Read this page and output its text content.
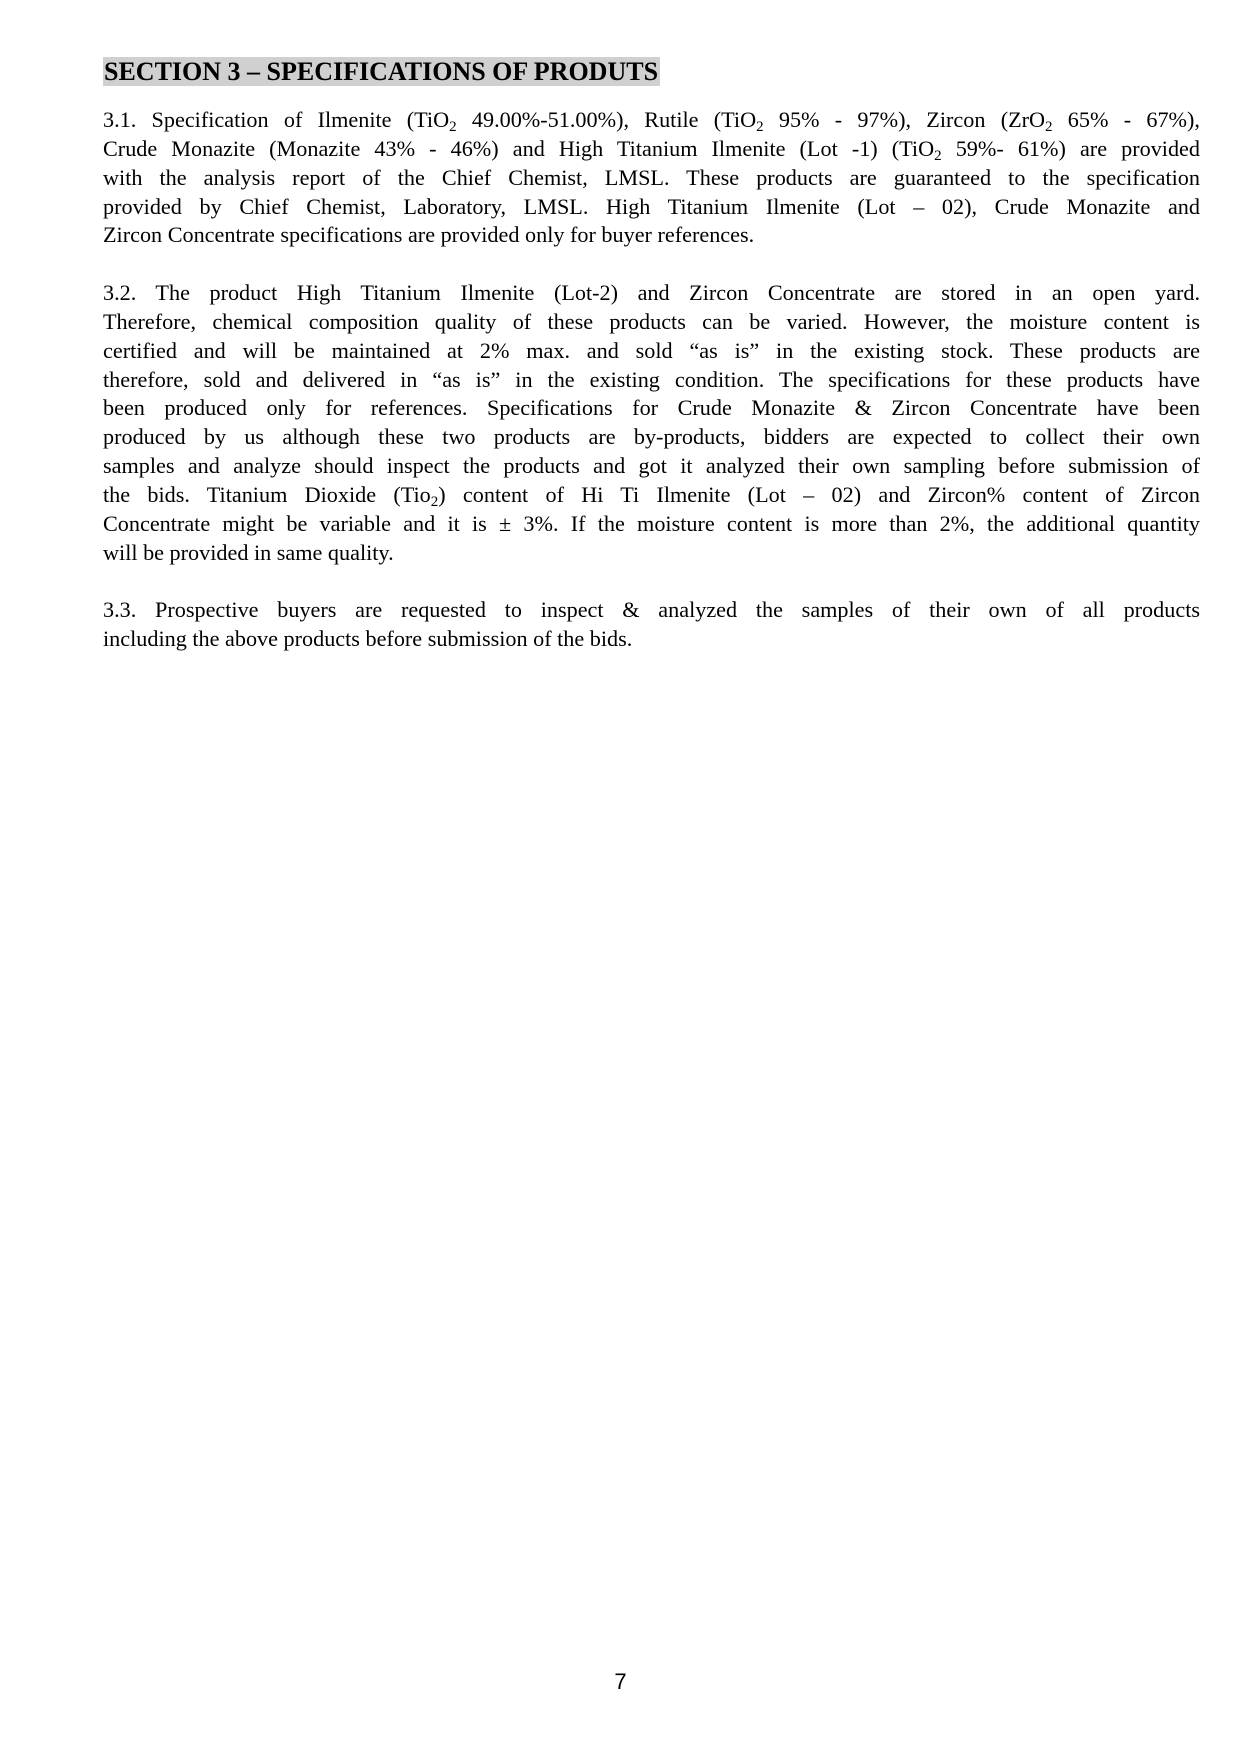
SECTION 3 – SPECIFICATIONS OF PRODUTS

3.1. Specification of Ilmenite (TiO$_2$ 49.00%-51.00%), Rutile (TiO$_2$ 95% - 97%), Zircon (ZrO$_2$ 65% - 67%),
Crude Monazite (Monazite 43% - 46%) and High Titanium Ilmenite (Lot -1) (TiO$_2$ 59%- 61%) are provided
with the analysis report of the Chief Chemist, LMSL. These products are guaranteed to the specification
provided by Chief Chemist, Laboratory, LMSL. High Titanium Ilmenite (Lot – 02), Crude Monazite and
Zircon Concentrate specifications are provided only for buyer references.

3.2. The product High Titanium Ilmenite (Lot-2) and Zircon Concentrate are stored in an open yard.
Therefore, chemical composition quality of these products can be varied. However, the moisture content is
certified and will be maintained at 2% max. and sold “as is” in the existing stock. These products are
therefore, sold and delivered in “as is” in the existing condition. The specifications for these products have
been produced only for references. Specifications for Crude Monazite & Zircon Concentrate have been
produced by us although these two products are by-products, bidders are expected to collect their own
samples and analyze should inspect the products and got it analyzed their own sampling before submission of
the bids. Titanium Dioxide (Tio$_2$) content of Hi Ti Ilmenite (Lot – 02) and Zircon% content of Zircon
Concentrate might be variable and it is ± 3%. If the moisture content is more than 2%, the additional quantity
will be provided in same quality.

3.3. Prospective buyers are requested to inspect & analyzed the samples of their own of all products
including the above products before submission of the bids.

7
